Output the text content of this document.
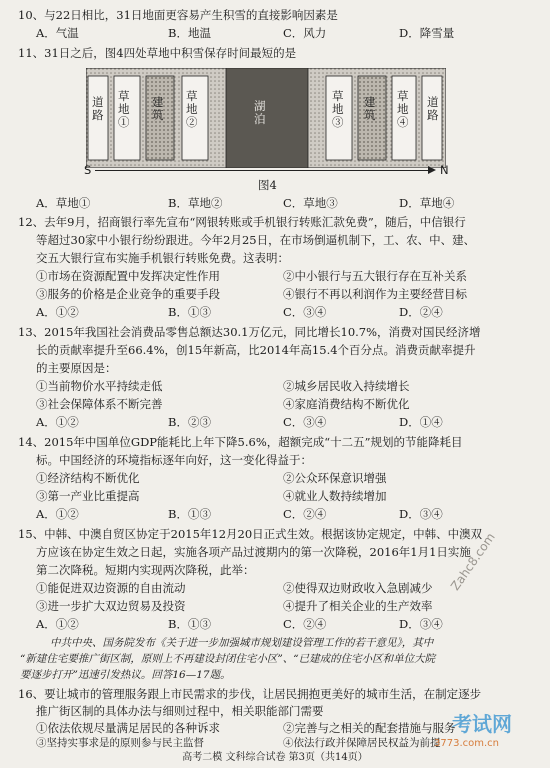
10、与22日相比，31日地面更容易产生积雪的直接影响因素是
A．气温	B．地温	C．风力	D．降雪量
11、31日之后，图4四处草地中积雪保存时间最短的是
道路
草地①
建筑
草地②
湖泊
草地③
建筑
草地④
道路
S	N
图4
A．草地①	B．草地②	C．草地③	D．草地④
12、去年9月，招商银行率先宣布“网银转账或手机银行转账汇款免费”，随后，中信银行
等超过30家中小银行纷纷跟进。今年2月25日，在市场倒逼机制下，工、农、中、建、
交五大银行宣布实施手机银行转账免费。这表明：
①市场在资源配置中发挥决定性作用	②中小银行与五大银行存在互补关系
③服务的价格是企业竞争的重要手段	④银行不再以利润作为主要经营目标
A．①②	B．①③	C．③④	D．②④
13、2015年我国社会消费品零售总额达30.1万亿元，同比增长10.7%，消费对国民经济增
长的贡献率提升至66.4%，创15年新高，比2014年高15.4个百分点。消费贡献率提升
的主要原因是：
①当前物价水平持续走低	②城乡居民收入持续增长
③社会保障体系不断完善	④家庭消费结构不断优化
A．①②	B．②③	C．③④	D．①④
14、2015年中国单位GDP能耗比上年下降5.6%，超额完成“十二五”规划的节能降耗目
标。中国经济的环境指标逐年向好，这一变化得益于：
①经济结构不断优化	②公众环保意识增强
③第一产业比重提高	④就业人数持续增加
A．①②	B．①③	C．②④	D．③④
15、中韩、中澳自贸区协定于2015年12月20日正式生效。根据该协定规定，中韩、中澳双
方应该在协定生效之日起，实施各项产品过渡期内的第一次降税，2016年1月1日实施
第二次降税。短期内实现两次降税，此举：
①能促进双边资源的自由流动	②使得双边财政收入急剧减少
③进一步扩大双边贸易及投资	④提升了相关企业的生产效率
A．①②	B．①③	C．②④	D．③④
Zahc8.com
中共中央、国务院发布《关于进一步加强城市规划建设管理工作的若干意见》，其中
“新建住宅要推广街区制，原则上不再建设封闭住宅小区”、“已建成的住宅小区和单位大院
要逐步打开”迅速引发热议。回答16—17题。
16、要让城市的管理服务跟上市民需求的步伐，让居民拥抱更美好的城市生活，在制定逐步
推广街区制的具体办法与细则过程中，相关职能部门需要
①依法依规尽量满足居民的各种诉求	②完善与之相关的配套措施与服务
③坚持实事求是的原则参与民主监督	④依法行政并保障居民权益为前提
高考二模 文科综合试卷 第3页（共14页）
考试网
3773.com.cn
